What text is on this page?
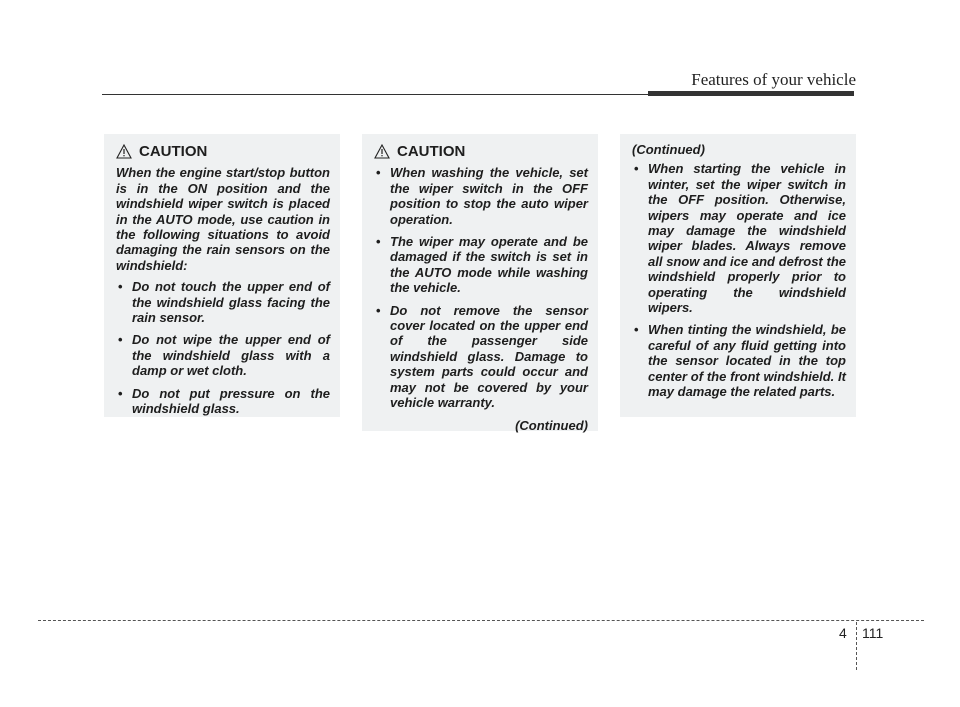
Features of your vehicle
CAUTION

When the engine start/stop button is in the ON position and the windshield wiper switch is placed in the AUTO mode, use caution in the following situations to avoid damaging the rain sensors on the windshield:

• Do not touch the upper end of the windshield glass facing the rain sensor.
• Do not wipe the upper end of the windshield glass with a damp or wet cloth.
• Do not put pressure on the windshield glass.
CAUTION
• When washing the vehicle, set the wiper switch in the OFF position to stop the auto wiper operation.
• The wiper may operate and be damaged if the switch is set in the AUTO mode while washing the vehicle.
• Do not remove the sensor cover located on the upper end of the passenger side windshield glass. Damage to system parts could occur and may not be covered by your vehicle warranty.
(Continued)
(Continued)
• When starting the vehicle in winter, set the wiper switch in the OFF position. Otherwise, wipers may operate and ice may damage the windshield wiper blades. Always remove all snow and ice and defrost the windshield properly prior to operating the windshield wipers.
• When tinting the windshield, be careful of any fluid getting into the sensor located in the top center of the front windshield. It may damage the related parts.
4 111
